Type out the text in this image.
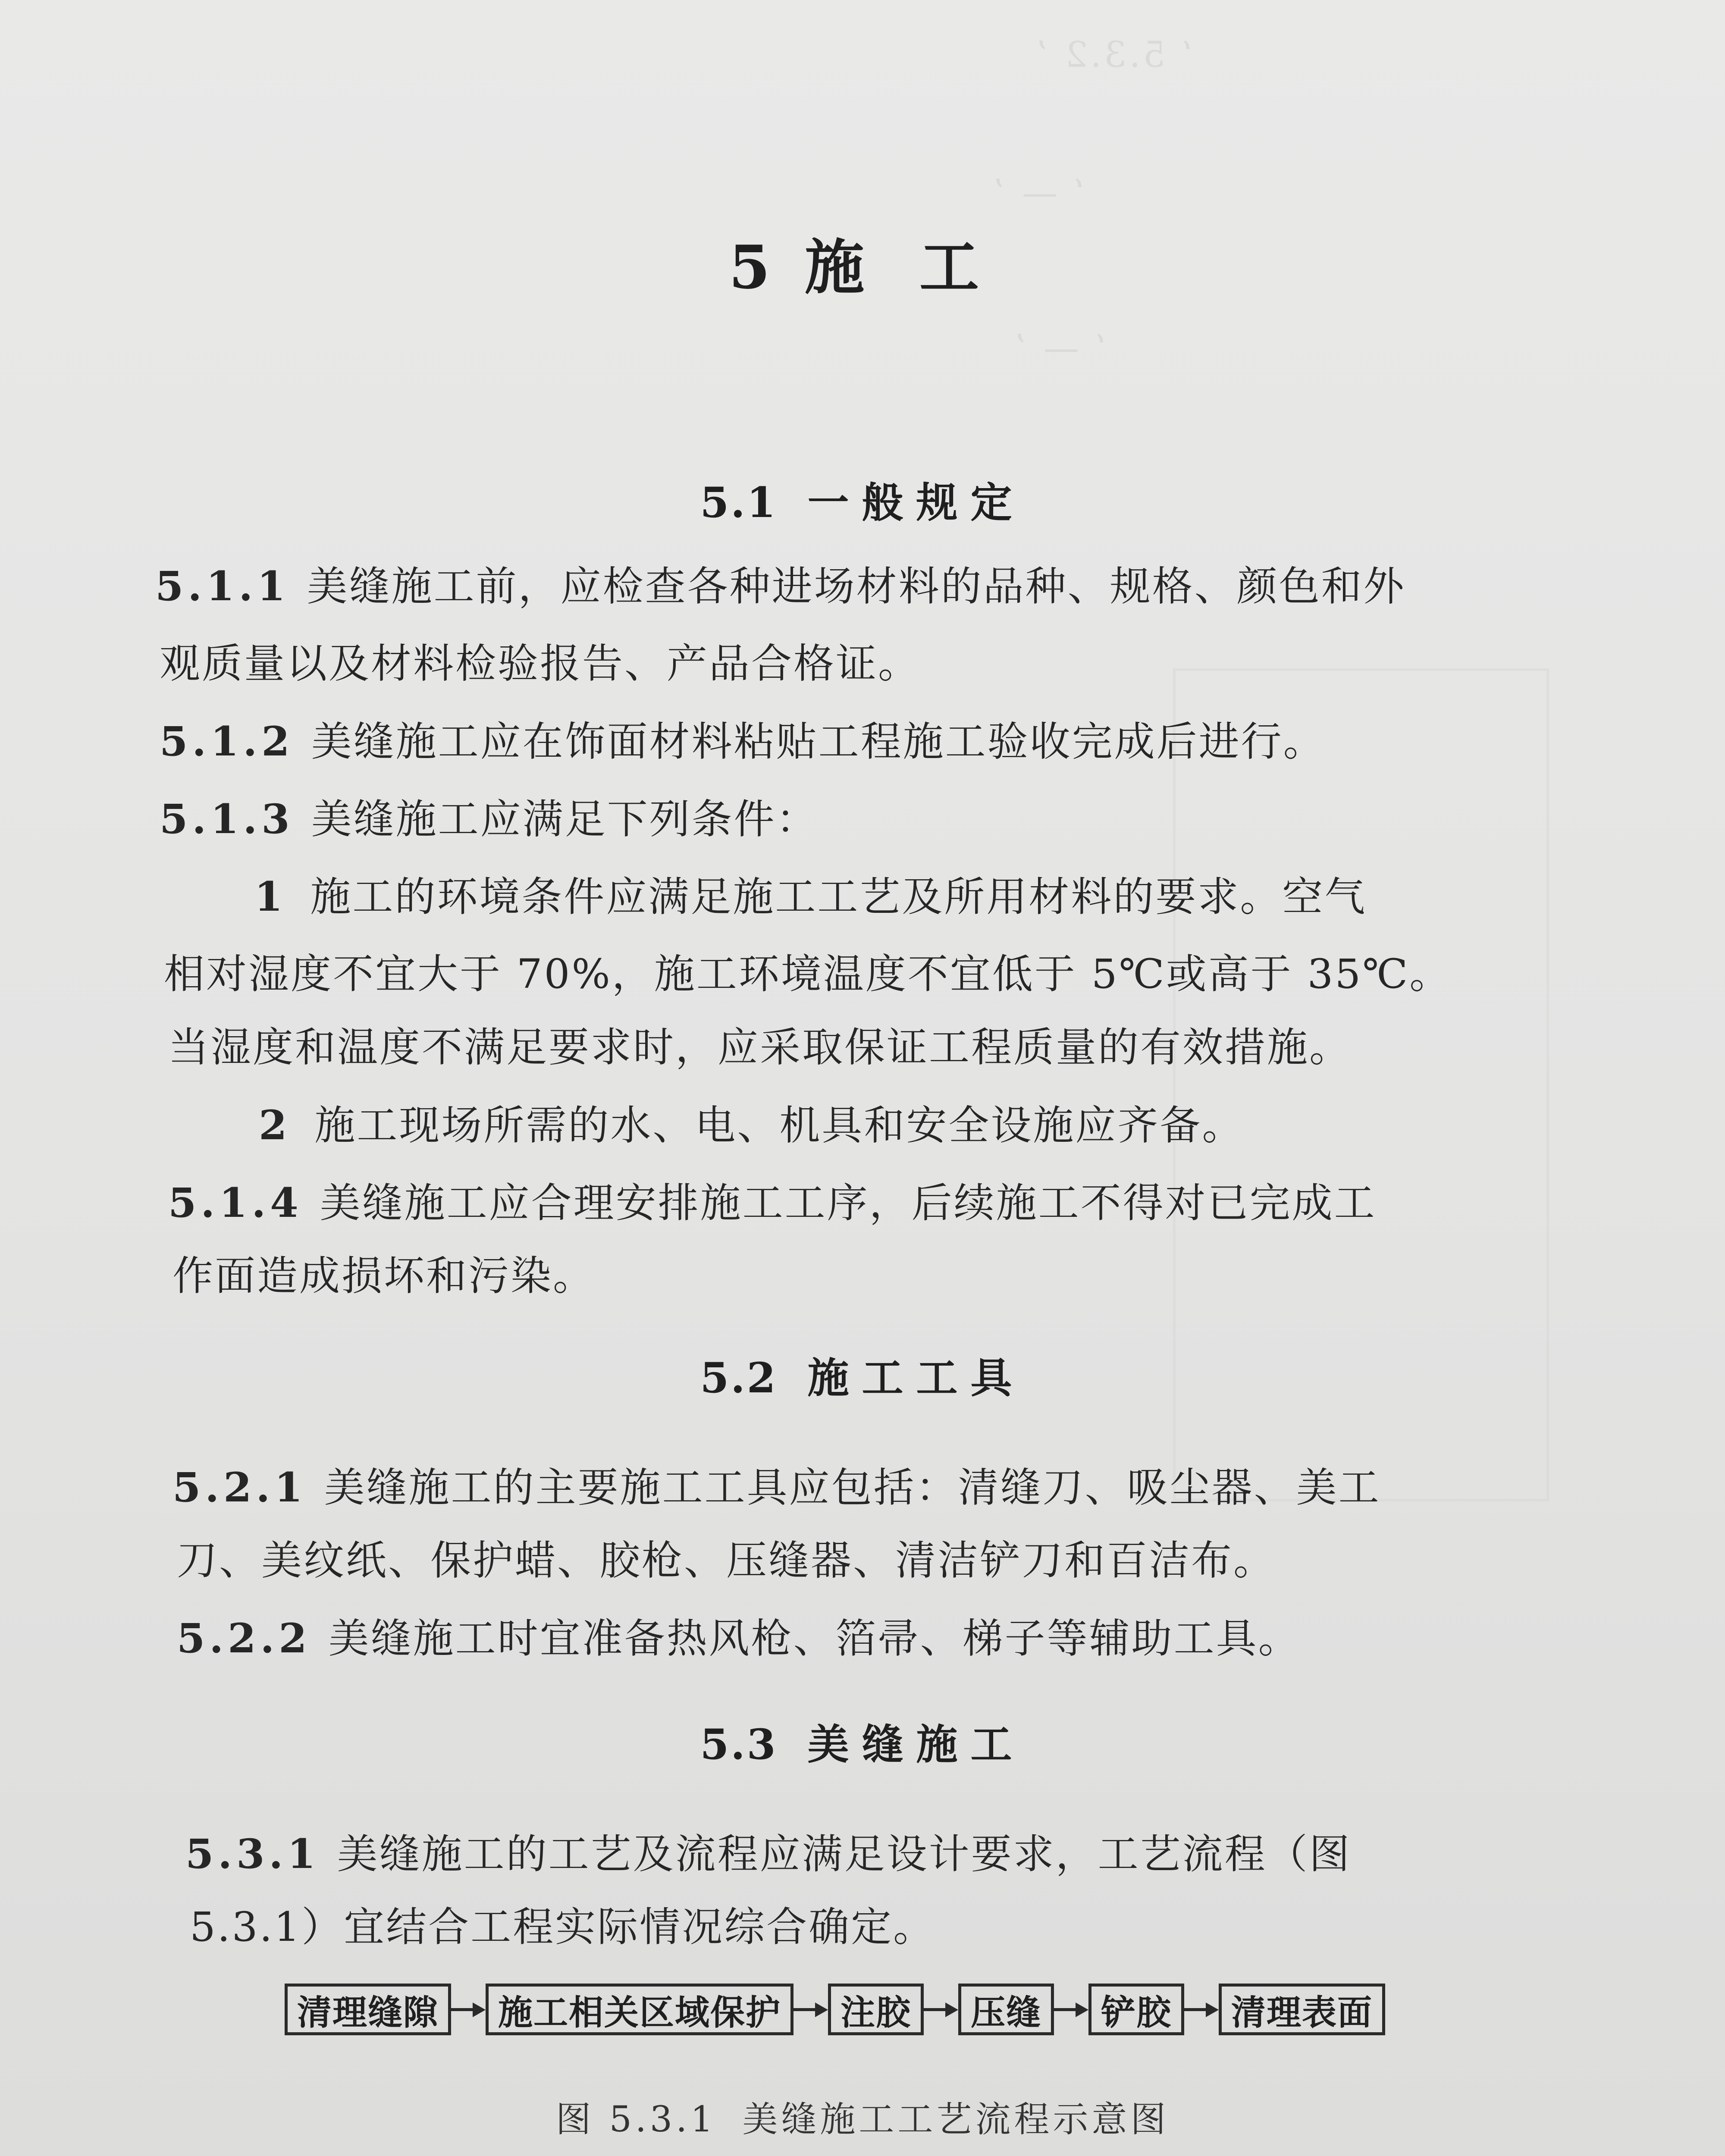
ʻ 5.3.2 ʼ
ʻ — ʼ
ʻ — ʼ
5施 工
5.1 一般规定
5.1.1 美缝施工前，应检查各种进场材料的品种、规格、颜色和外
观质量以及材料检验报告、产品合格证。
5.1.2 美缝施工应在饰面材料粘贴工程施工验收完成后进行。
5.1.3 美缝施工应满足下列条件：
1 施工的环境条件应满足施工工艺及所用材料的要求。空气
相对湿度不宜大于 70%，施工环境温度不宜低于 5℃或高于 35℃。
当湿度和温度不满足要求时，应采取保证工程质量的有效措施。
2 施工现场所需的水、电、机具和安全设施应齐备。
5.1.4 美缝施工应合理安排施工工序，后续施工不得对已完成工
作面造成损坏和污染。
5.2 施工工具
5.2.1 美缝施工的主要施工工具应包括：清缝刀、吸尘器、美工
刀、美纹纸、保护蜡、胶枪、压缝器、清洁铲刀和百洁布。
5.2.2 美缝施工时宜准备热风枪、箔帚、梯子等辅助工具。
5.3 美缝施工
5.3.1 美缝施工的工艺及流程应满足设计要求，工艺流程（图
5.3.1）宜结合工程实际情况综合确定。
清理缝隙	施工相关区域保护	注胶	压缝	铲胶	清理表面
图 5.3.1 美缝施工工艺流程示意图
